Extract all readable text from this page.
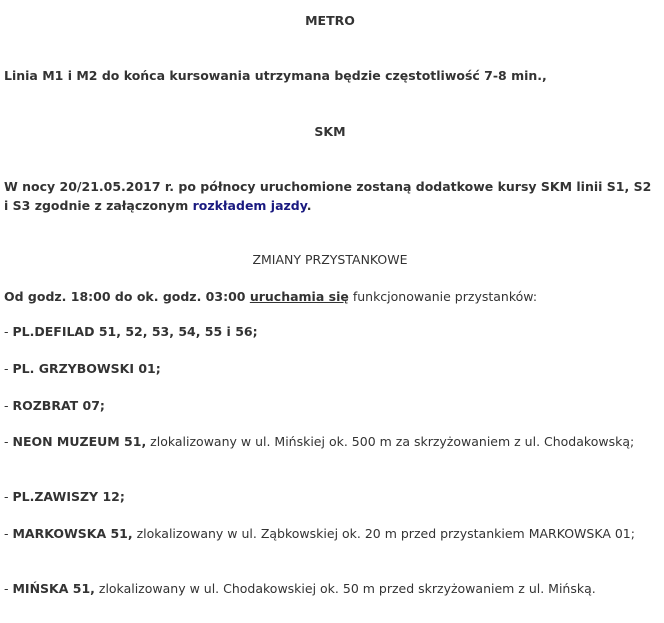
METRO
Linia M1 i M2 do końca kursowania utrzymana będzie częstotliwość 7-8 min.,
SKM
W nocy 20/21.05.2017 r. po północy uruchomione zostaną dodatkowe kursy SKM linii S1, S2 i S3 zgodnie z załączonym rozkładem jazdy.
ZMIANY PRZYSTANKOWE
Od godz. 18:00 do ok. godz. 03:00 uruchamia się funkcjonowanie przystanków:
- PL.DEFILAD 51, 52, 53, 54, 55 i 56;
- PL. GRZYBOWSKI 01;
- ROZBRAT 07;
- NEON MUZEUM 51, zlokalizowany w ul. Mińskiej ok. 500 m za skrzyżowaniem z ul. Chodakowską;
- PL.ZAWISZY 12;
- MARKOWSKA 51, zlokalizowany w ul. Ząbkowskiej ok. 20 m przed przystankiem MARKOWSKA 01;
- MIŃSKA 51, zlokalizowany w ul. Chodakowskiej ok. 50 m przed skrzyżowaniem z ul. Mińską.
